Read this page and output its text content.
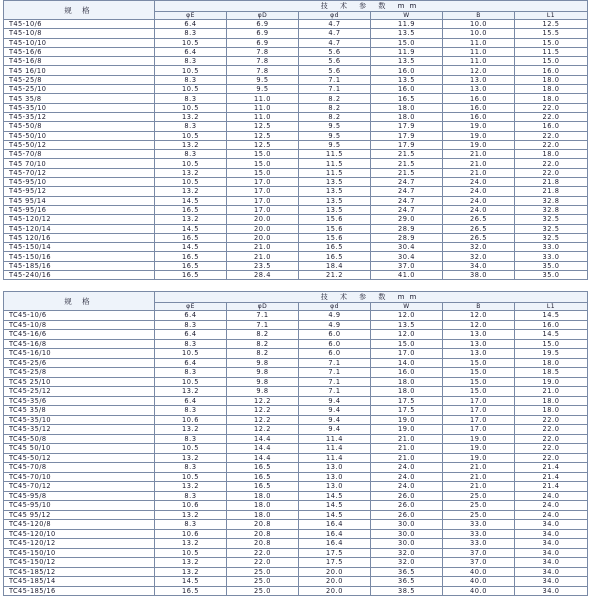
规 格	技 术 参 数 mm					
	φE	φD	φd	W	B	L1
T45-10/6	6.4	6.9	4.7	11.9	10.0	12.5
T45-10/8	8.3	6.9	4.7	13.5	10.0	15.5
T45-10/10	10.5	6.9	4.7	15.0	11.0	15.0
T45-16/6	6.4	7.8	5.6	11.9	11.0	11.5
T45-16/8	8.3	7.8	5.6	13.5	11.0	15.0
T45 16/10	10.5	7.8	5.6	16.0	12.0	16.0
T45-25/8	8.3	9.5	7.1	13.5	13.0	18.0
T45-25/10	10.5	9.5	7.1	16.0	13.0	18.0
T45 35/8	8.3	11.0	8.2	16.5	16.0	18.0
T45-35/10	10.5	11.0	8.2	18.0	16.0	22.0
T45-35/12	13.2	11.0	8.2	18.0	16.0	22.0
T45-50/8	8.3	12.5	9.5	17.9	19.0	16.0
T45-50/10	10.5	12.5	9.5	17.9	19.0	22.0
T45-50/12	13.2	12.5	9.5	17.9	19.0	22.0
T45-70/8	8.3	15.0	11.5	21.5	21.0	18.0
T45 70/10	10.5	15.0	11.5	21.5	21.0	22.0
T45-70/12	13.2	15.0	11.5	21.5	21.0	22.0
T45-95/10	10.5	17.0	13.5	24.7	24.0	21.8
T45-95/12	13.2	17.0	13.5	24.7	24.0	21.8
T45 95/14	14.5	17.0	13.5	24.7	24.0	32.8
T45-95/16	16.5	17.0	13.5	24.7	24.0	32.8
T45-120/12	13.2	20.0	15.6	29.0	26.5	32.5
T45-120/14	14.5	20.0	15.6	28.9	26.5	32.5
T45 120/16	16.5	20.0	15.6	28.9	26.5	32.5
T45-150/14	14.5	21.0	16.5	30.4	32.0	33.0
T45-150/16	16.5	21.0	16.5	30.4	32.0	33.0
T45-185/16	16.5	23.5	18.4	37.0	34.0	35.0
T45-240/16	16.5	28.4	21.2	41.0	38.0	35.0
规 格	技 术 参 数 mm					
	φE	φD	φd	W	B	L1
TC45-10/6	6.4	7.1	4.9	12.0	12.0	14.5
TC45-10/8	8.3	7.1	4.9	13.5	12.0	16.0
TC45-16/6	6.4	8.2	6.0	12.0	13.0	14.5
TC45-16/8	8.3	8.2	6.0	15.0	13.0	15.0
TC45-16/10	10.5	8.2	6.0	17.0	13.0	19.5
TC45-25/6	6.4	9.8	7.1	14.0	15.0	18.0
TC45-25/8	8.3	9.8	7.1	16.0	15.0	18.5
TC45 25/10	10.5	9.8	7.1	18.0	15.0	19.0
TC45-25/12	13.2	9.8	7.1	18.0	15.0	21.0
TC45-35/6	6.4	12.2	9.4	17.5	17.0	18.0
TC45 35/8	8.3	12.2	9.4	17.5	17.0	18.0
TC45-35/10	10.6	12.2	9.4	19.0	17.0	22.0
TC45-35/12	13.2	12.2	9.4	19.0	17.0	22.0
TC45-50/8	8.3	14.4	11.4	21.0	19.0	22.0
TC45 50/10	10.5	14.4	11.4	21.0	19.0	22.0
TC45-50/12	13.2	14.4	11.4	21.0	19.0	22.0
TC45-70/8	8.3	16.5	13.0	24.0	21.0	21.4
TC45-70/10	10.5	16.5	13.0	24.0	21.0	21.4
TC45-70/12	13.2	16.5	13.0	24.0	21.0	21.4
TC45-95/8	8.3	18.0	14.5	26.0	25.0	24.0
TC45-95/10	10.6	18.0	14.5	26.0	25.0	24.0
TC45 95/12	13.2	18.0	14.5	26.0	25.0	24.0
TC45-120/8	8.3	20.8	16.4	30.0	33.0	34.0
TC45-120/10	10.6	20.8	16.4	30.0	33.0	34.0
TC45-120/12	13.2	20.8	16.4	30.0	33.0	34.0
TC45-150/10	10.5	22.0	17.5	32.0	37.0	34.0
TC45-150/12	13.2	22.0	17.5	32.0	37.0	34.0
TC45-185/12	13.2	25.0	20.0	36.5	40.0	34.0
TC45-185/14	14.5	25.0	20.0	36.5	40.0	34.0
TC45-185/16	16.5	25.0	20.0	38.5	40.0	34.0
